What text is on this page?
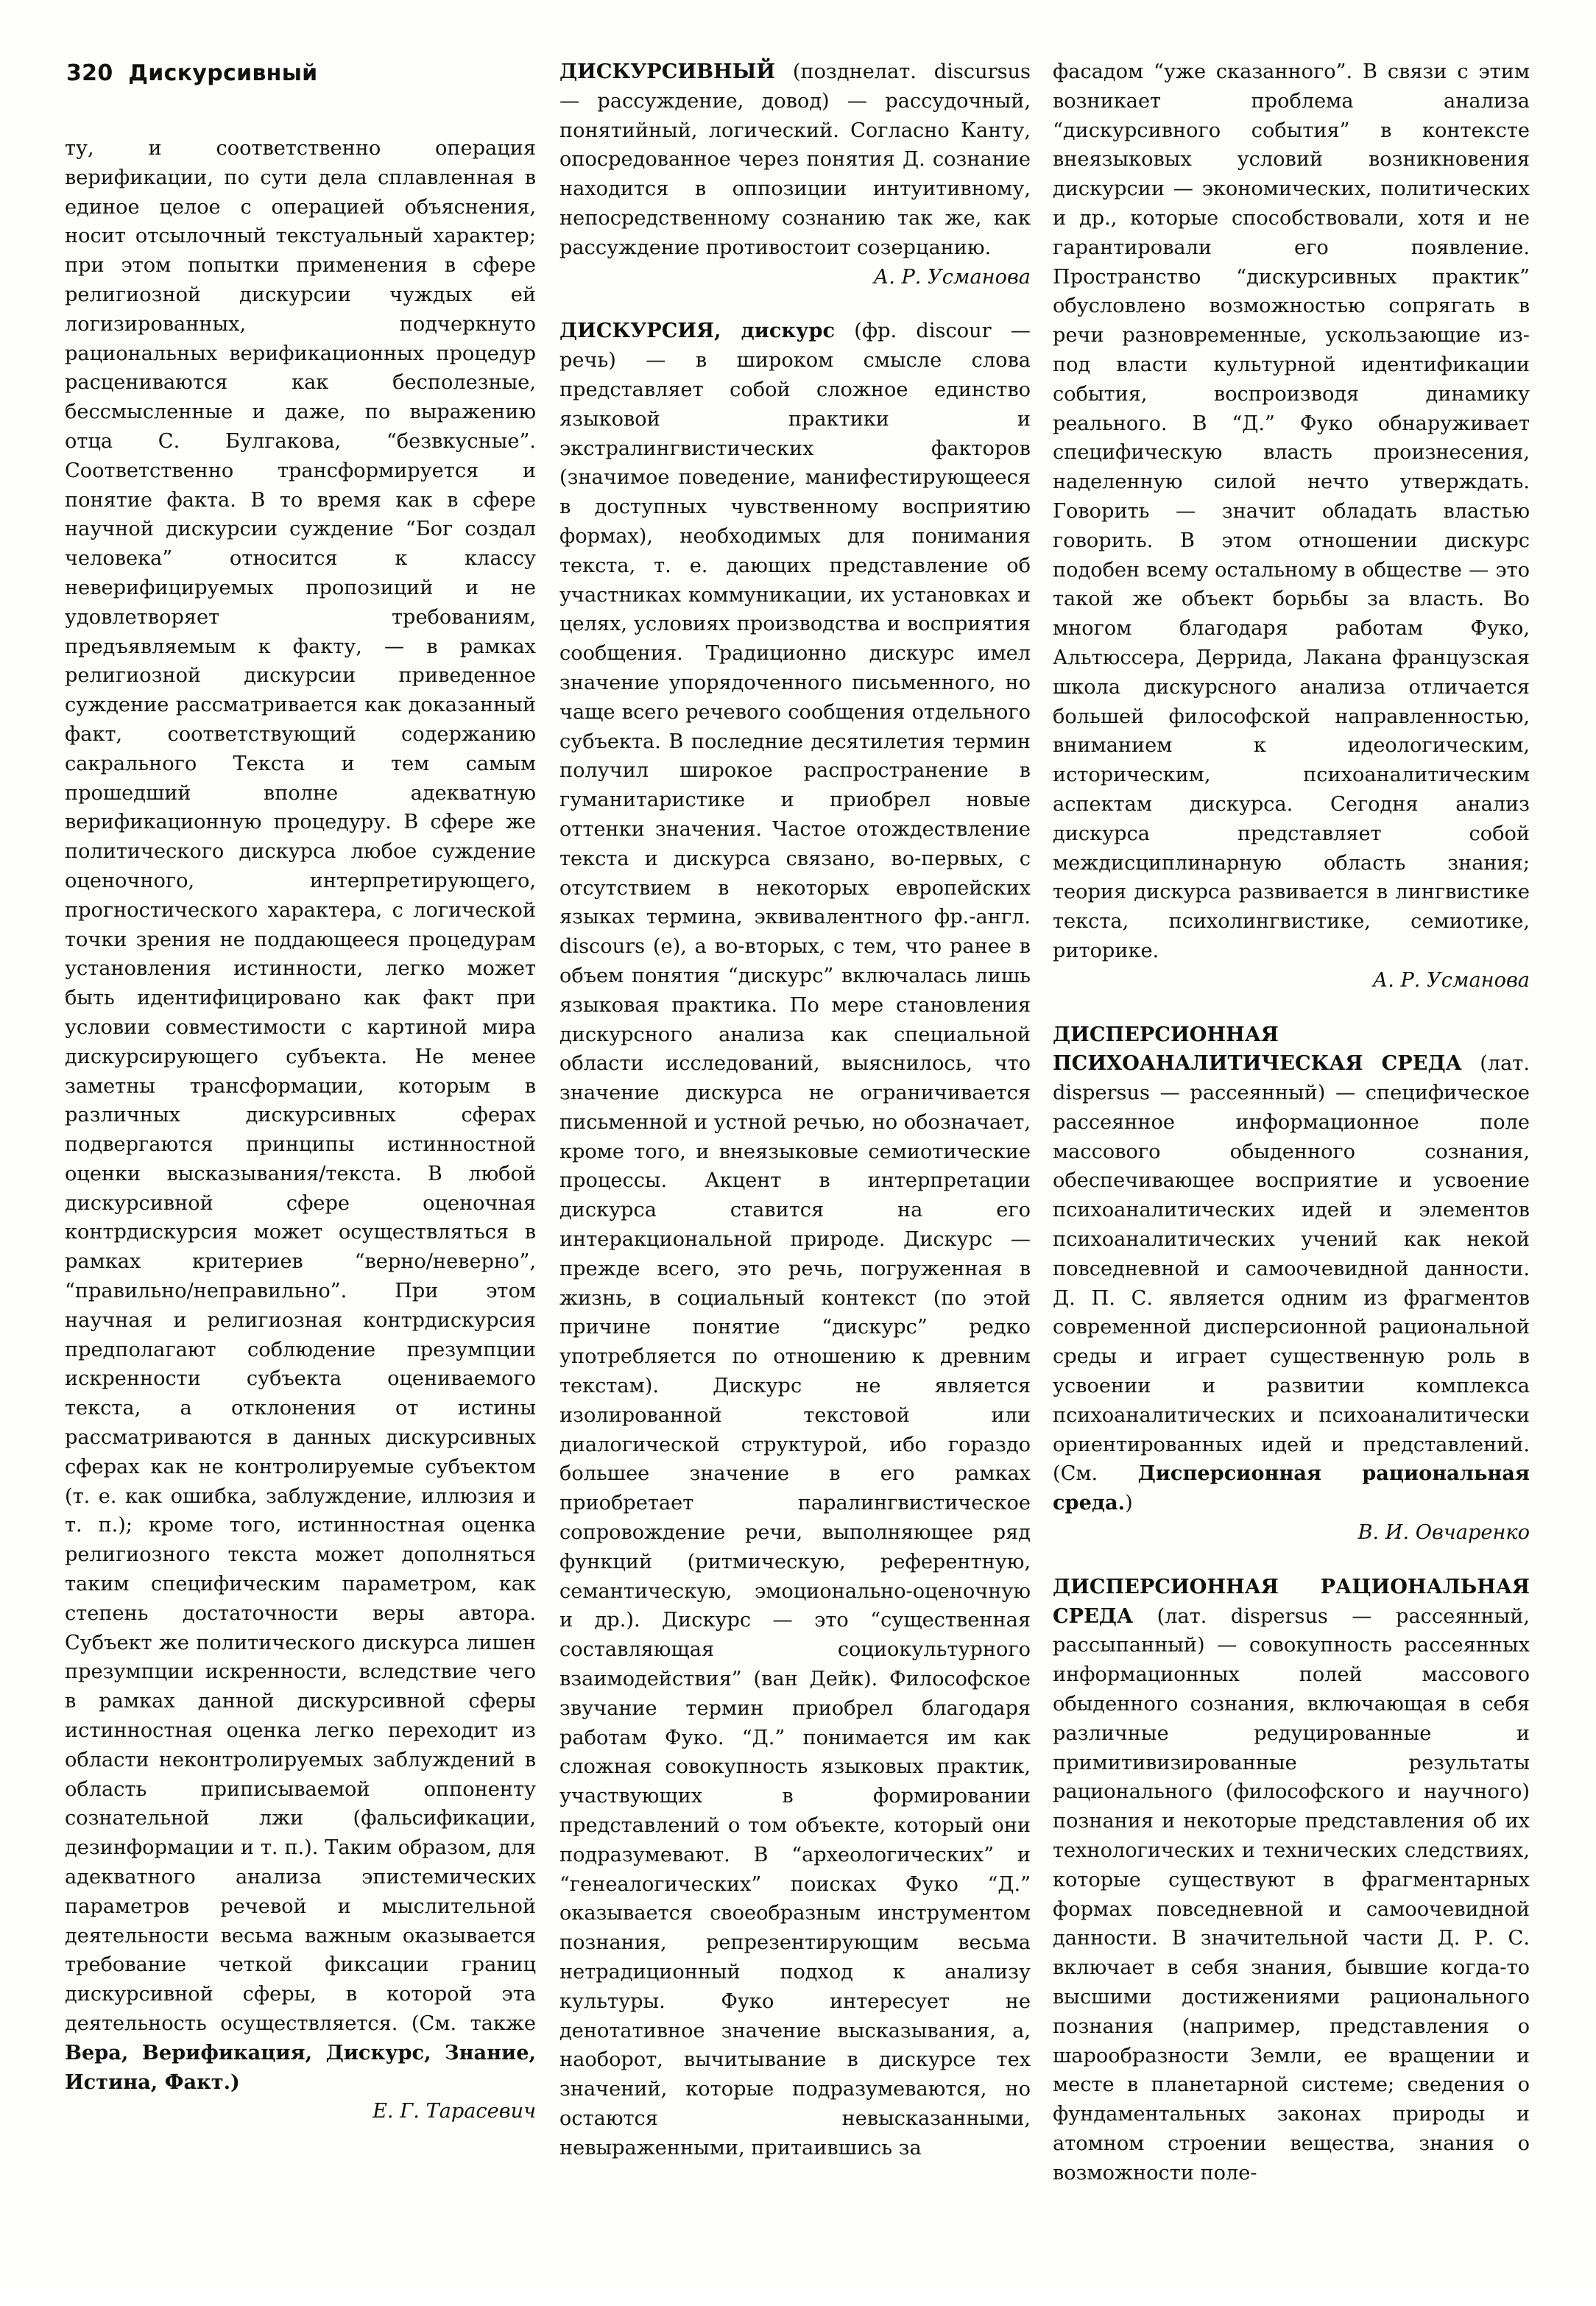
320 Дискурсивный

ту, и соответственно операция верификации, по сути дела сплавленная в единое целое с операцией объяснения, носит отсылочный текстуальный характер; при этом попытки применения в сфере религиозной дискурсии чуждых ей логизированных, подчеркнуто рациональных верификационных процедур расцениваются как бесполезные, бессмысленные и даже, по выражению отца С. Булгакова, “безвкусные”. Соответственно трансформируется и понятие факта. В то время как в сфере научной дискурсии суждение “Бог создал человека” относится к классу неверифицируемых пропозиций и не удовлетворяет требованиям, предъявляемым к факту, — в рамках религиозной дискурсии приведенное суждение рассматривается как доказанный факт, соответствующий содержанию сакрального Текста и тем самым прошедший вполне адекватную верификационную процедуру. В сфере же политического дискурса любое суждение оценочного, интерпретирующего, прогностического характера, с логической точки зрения не поддающееся процедурам установления истинности, легко может быть идентифицировано как факт при условии совместимости с картиной мира дискурсирующего субъекта. Не менее заметны трансформации, которым в различных дискурсивных сферах подвергаются принципы истинностной оценки высказывания/текста. В любой дискурсивной сфере оценочная контрдискурсия может осуществляться в рамках критериев “верно/неверно”, “правильно/неправильно”. При этом научная и религиозная контрдискурсия предполагают соблюдение презумпции искренности субъекта оцениваемого текста, а отклонения от истины рассматриваются в данных дискурсивных сферах как не контролируемые субъектом (т. е. как ошибка, заблуждение, иллюзия и т. п.); кроме того, истинностная оценка религиозного текста может дополняться таким специфическим параметром, как степень достаточности веры автора. Субъект же политического дискурса лишен презумпции искренности, вследствие чего в рамках данной дискурсивной сферы истинностная оценка легко переходит из области неконтролируемых заблуждений в область приписываемой оппоненту сознательной лжи (фальсификации, дезинформации и т. п.). Таким образом, для адекватного анализа эпистемических параметров речевой и мыслительной деятельности весьма важным оказывается требование четкой фиксации границ дискурсивной сферы, в которой эта деятельность осуществляется. (См. также Вера, Верификация, Дискурс, Знание, Истина, Факт.)

Е. Г. Тарасевич

ДИСКУРСИВНЫЙ (позднелат. discursus — рассуждение, довод) — рассудочный, понятийный, логический. Согласно Канту, опосредованное через понятия Д. сознание находится в оппозиции интуитивному, непосредственному сознанию так же, как рассуждение противостоит созерцанию.

А. Р. Усманова

ДИСКУРСИЯ, дискурс (фр. discour — речь) — в широком смысле слова представляет собой сложное единство языковой практики и экстралингвистических факторов (значимое поведение, манифестирующееся в доступных чувственному восприятию формах), необходимых для понимания текста, т. е. дающих представление об участниках коммуникации, их установках и целях, условиях производства и восприятия сообщения. Традиционно дискурс имел значение упорядоченного письменного, но чаще всего речевого сообщения отдельного субъекта. В последние десятилетия термин получил широкое распространение в гуманитаристике и приобрел новые оттенки значения. Частое отождествление текста и дискурса связано, во-первых, с отсутствием в некоторых европейских языках термина, эквивалентного фр.-англ. discours (e), а во-вторых, с тем, что ранее в объем понятия “дискурс” включалась лишь языковая практика. По мере становления дискурсного анализа как специальной области исследований, выяснилось, что значение дискурса не ограничивается письменной и устной речью, но обозначает, кроме того, и внеязыковые семиотические процессы. Акцент в интерпретации дискурса ставится на его интеракциональной природе. Дискурс — прежде всего, это речь, погруженная в жизнь, в социальный контекст (по этой причине понятие “дискурс” редко употребляется по отношению к древним текстам). Дискурс не является изолированной текстовой или диалогической структурой, ибо гораздо большее значение в его рамках приобретает паралингвистическое сопровождение речи, выполняющее ряд функций (ритмическую, референтную, семантическую, эмоционально-оценочную и др.). Дискурс — это “существенная составляющая социокультурного взаимодействия” (ван Дейк). Философское звучание термин приобрел благодаря работам Фуко. “Д.” понимается им как сложная совокупность языковых практик, участвующих в формировании представлений о том объекте, который они подразумевают. В “археологических” и “генеалогических” поисках Фуко “Д.” оказывается своеобразным инструментом познания, репрезентирующим весьма нетрадиционный подход к анализу культуры. Фуко интересует не денотативное значение высказывания, а, наоборот, вычитывание в дискурсе тех значений, которые подразумеваются, но остаются невысказанными, невыраженными, притаившись за

фасадом “уже сказанного”. В связи с этим возникает проблема анализа “дискурсивного события” в контексте внеязыковых условий возникновения дискурсии — экономических, политических и др., которые способствовали, хотя и не гарантировали его появление. Пространство “дискурсивных практик” обусловлено возможностью сопрягать в речи разновременные, ускользающие из-под власти культурной идентификации события, воспроизводя динамику реального. В “Д.” Фуко обнаруживает специфическую власть произнесения, наделенную силой нечто утверждать. Говорить — значит обладать властью говорить. В этом отношении дискурс подобен всему остальному в обществе — это такой же объект борьбы за власть. Во многом благодаря работам Фуко, Альтюссера, Деррида, Лакана французская школа дискурсного анализа отличается большей философской направленностью, вниманием к идеологическим, историческим, психоаналитическим аспектам дискурса. Сегодня анализ дискурса представляет собой междисциплинарную область знания; теория дискурса развивается в лингвистике текста, психолингвистике, семиотике, риторике.

А. Р. Усманова

ДИСПЕРСИОННАЯ ПСИХОАНАЛИТИЧЕСКАЯ СРЕДА (лат. dispersus — рассеянный) — специфическое рассеянное информационное поле массового обыденного сознания, обеспечивающее восприятие и усвоение психоаналитических идей и элементов психоаналитических учений как некой повседневной и самоочевидной данности. Д. П. С. является одним из фрагментов современной дисперсионной рациональной среды и играет существенную роль в усвоении и развитии комплекса психоаналитических и психоаналитически ориентированных идей и представлений. (См. Дисперсионная рациональная среда.)

В. И. Овчаренко

ДИСПЕРСИОННАЯ РАЦИОНАЛЬНАЯ СРЕДА (лат. dispersus — рассеянный, рассыпанный) — совокупность рассеянных информационных полей массового обыденного сознания, включающая в себя различные редуцированные и примитивизированные результаты рационального (философского и научного) познания и некоторые представления об их технологических и технических следствиях, которые существуют в фрагментарных формах повседневной и самоочевидной данности. В значительной части Д. Р. С. включает в себя знания, бывшие когда-то высшими достижениями рационального познания (например, представления о шарообразности Земли, ее вращении и месте в планетарной системе; сведения о фундаментальных законах природы и атомном строении вещества, знания о возможности поле-
